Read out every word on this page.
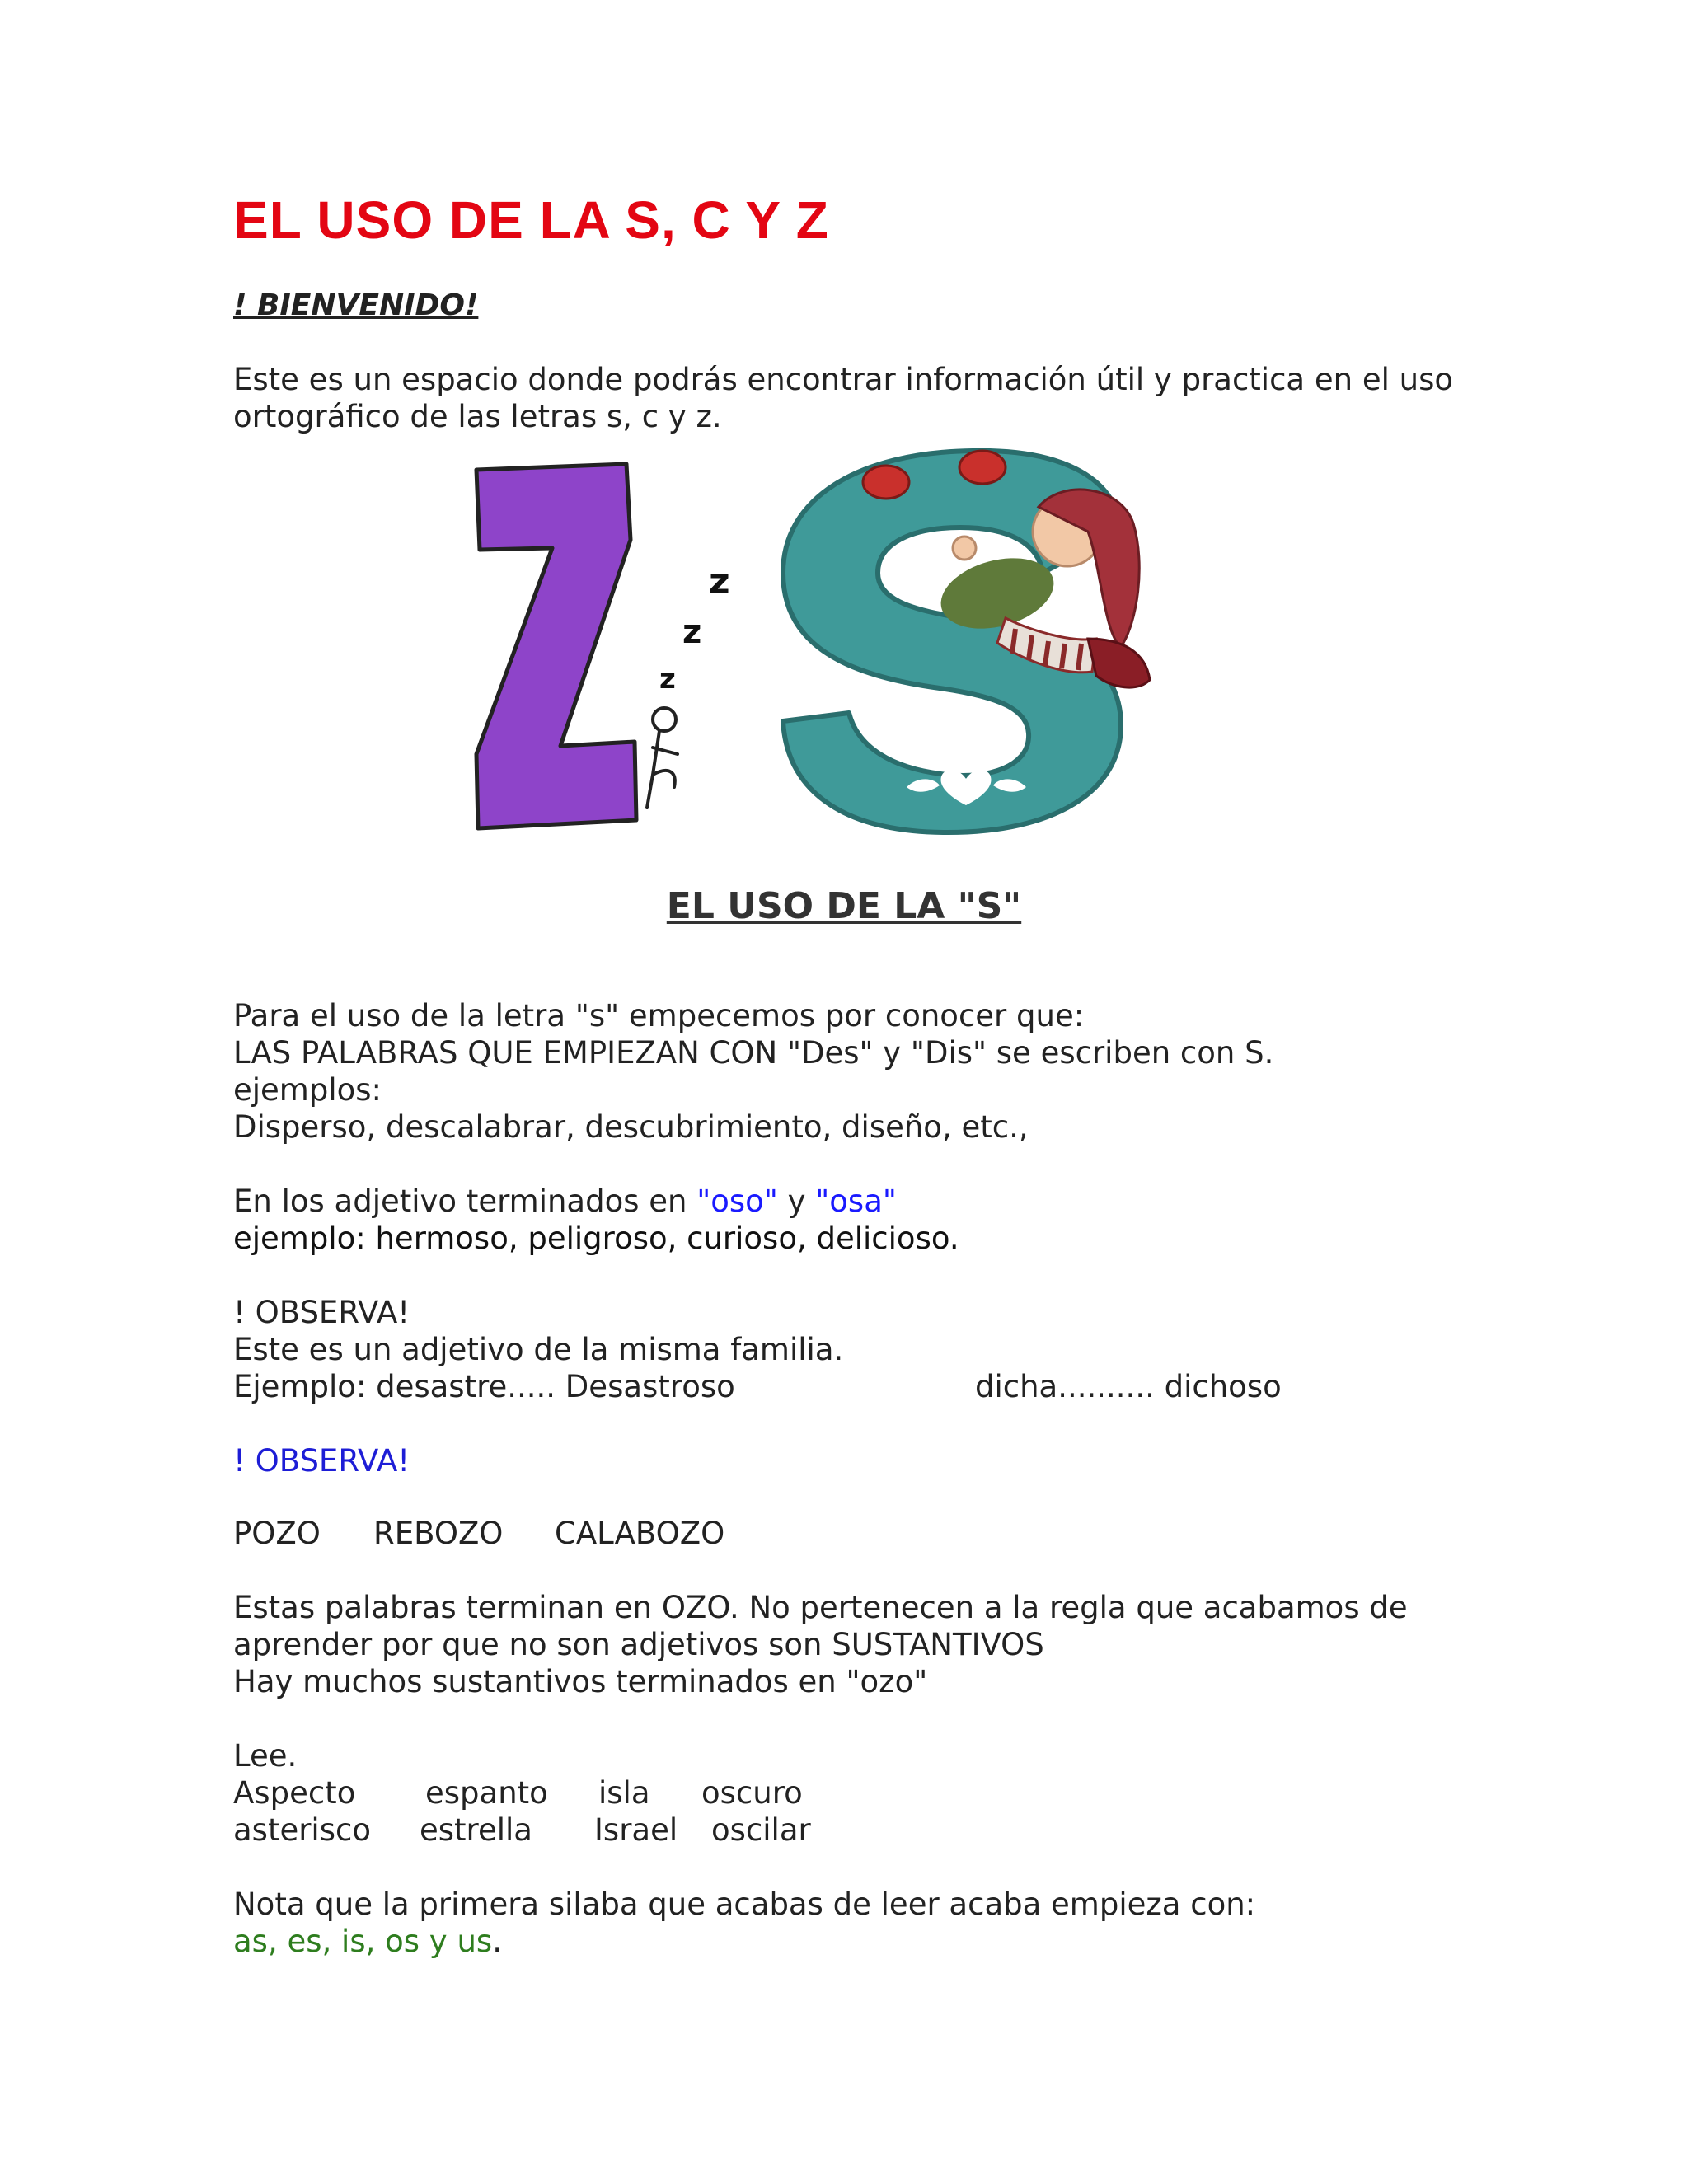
EL USO DE LA S, C Y Z
! BIENVENIDO!
Este es un espacio donde podrás encontrar información útil y practica en el uso ortográfico de las letras s, c y z.
z
z
z
EL USO DE LA "S"
Para el uso de la letra "s" empecemos por conocer que:
LAS PALABRAS QUE EMPIEZAN CON "Des" y "Dis" se escriben con S.
ejemplos:
Disperso, descalabrar, descubrimiento, diseño, etc.,
En los adjetivo terminados en "oso" y "osa"
ejemplo: hermoso, peligroso, curioso, delicioso.
! OBSERVA!
Este es un adjetivo de la misma familia.
Ejemplo: desastre..... Desastroso	dicha.......... dichoso
! OBSERVA!
POZO REBOZO CALABOZO
Estas palabras terminan en OZO. No pertenecen a la regla que acabamos de
aprender por que no son adjetivos son SUSTANTIVOS
Hay muchos sustantivos terminados en "ozo"
Lee.
Aspecto espanto isla oscuro
asterisco estrella Israel oscilar
Nota que la primera silaba que acabas de leer acaba empieza con:
as, es, is, os y us.
